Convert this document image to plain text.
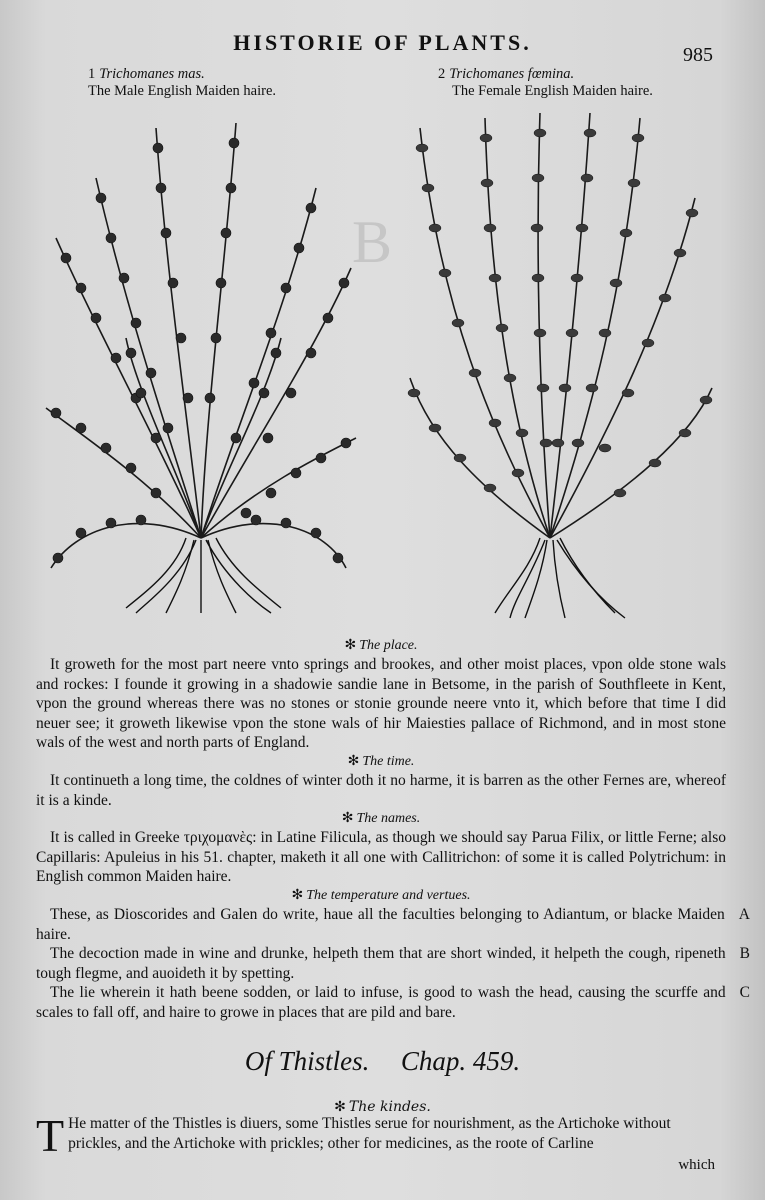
B
HISTORIE OF PLANTS.	985
1 Trichomanes mas.
The Male English Maiden haire.
2 Trichomanes fœmina.
The Female English Maiden haire.

✻ The place.

It groweth for the most part neere vnto springs and brookes, and other moist places, vpon olde stone wals and rockes: I founde it growing in a shadowie sandie lane in Betsome, in the parish of Southfleete in Kent, vpon the ground whereas there was no stones or stonie grounde neere vnto it, which before that time I did neuer see; it groweth likewise vpon the stone wals of hir Maiesties pallace of Richmond, and in most stone wals of the west and north parts of England.

✻ The time.

It continueth a long time, the coldnes of winter doth it no harme, it is barren as the other Fernes are, whereof it is a kinde.

✻ The names.

It is called in Greeke τριχομανὲς: in Latine Filicula, as though we should say Parua Filix, or little Ferne; also Capillaris: Apuleius in his 51. chapter, maketh it all one with Callitrichon: of some it is called Polytrichum: in English common Maiden haire.

✻ The temperature and vertues.

A
These, as Dioscorides and Galen do write, haue all the faculties belonging to Adiantum, or blacke Maiden haire.

B
The decoction made in wine and drunke, helpeth them that are short winded, it helpeth the cough, ripeneth tough flegme, and auoideth it by spetting.

C
The lie wherein it hath beene sodden, or laid to infuse, is good to wash the head, causing the scurffe and scales to fall off, and haire to growe in places that are pild and bare.

Of Thistles. Chap. 459.
✻ The kindes.
T He matter of the Thistles is diuers, some Thistles serue for nourishment, as the Artichoke without prickles, and the Artichoke with prickles; other for medicines, as the roote of Carline
which
